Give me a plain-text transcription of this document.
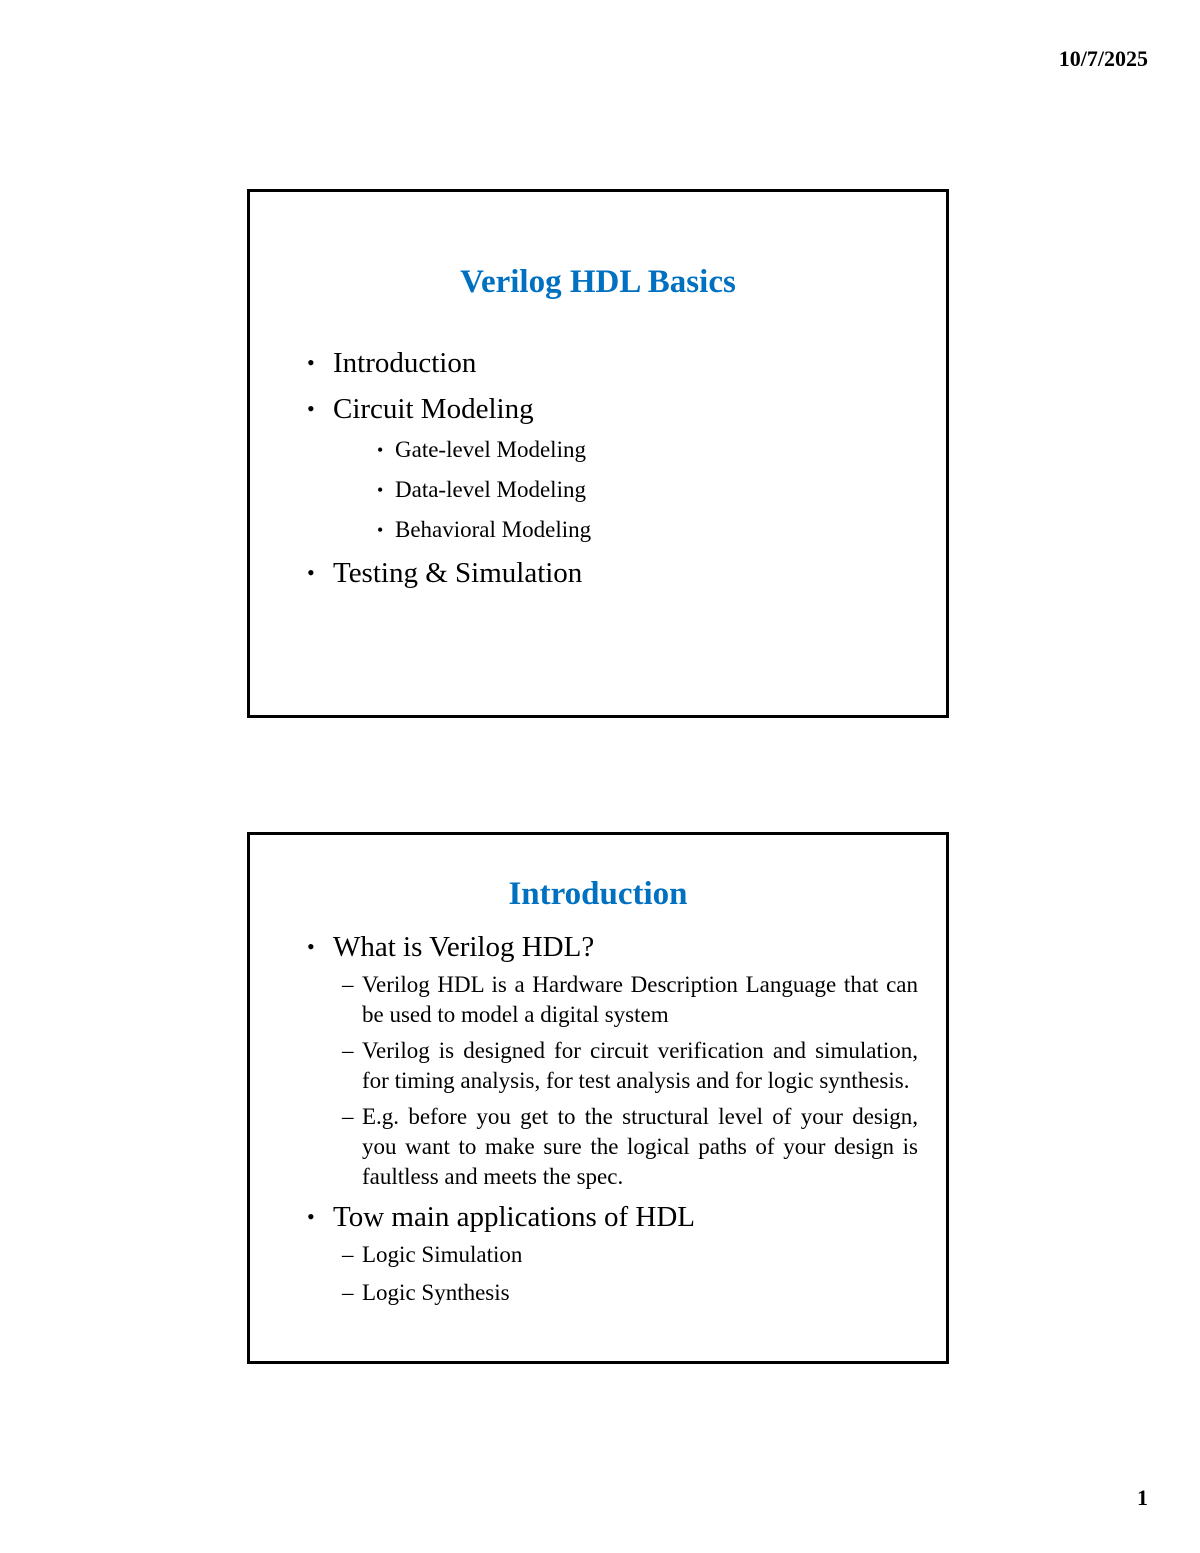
10/7/2025
Verilog HDL Basics
• Introduction
• Circuit Modeling
• Gate-level Modeling
• Data-level Modeling
• Behavioral Modeling
• Testing & Simulation
Introduction
• What is Verilog HDL?
– Verilog HDL is a Hardware Description Language that can be used to model a digital system
– Verilog is designed for circuit verification and simulation, for timing analysis, for test analysis and for logic synthesis.
– E.g. before you get to the structural level of your design, you want to make sure the logical paths of your design is faultless and meets the spec.
• Tow main applications of HDL
– Logic Simulation
– Logic Synthesis
1
